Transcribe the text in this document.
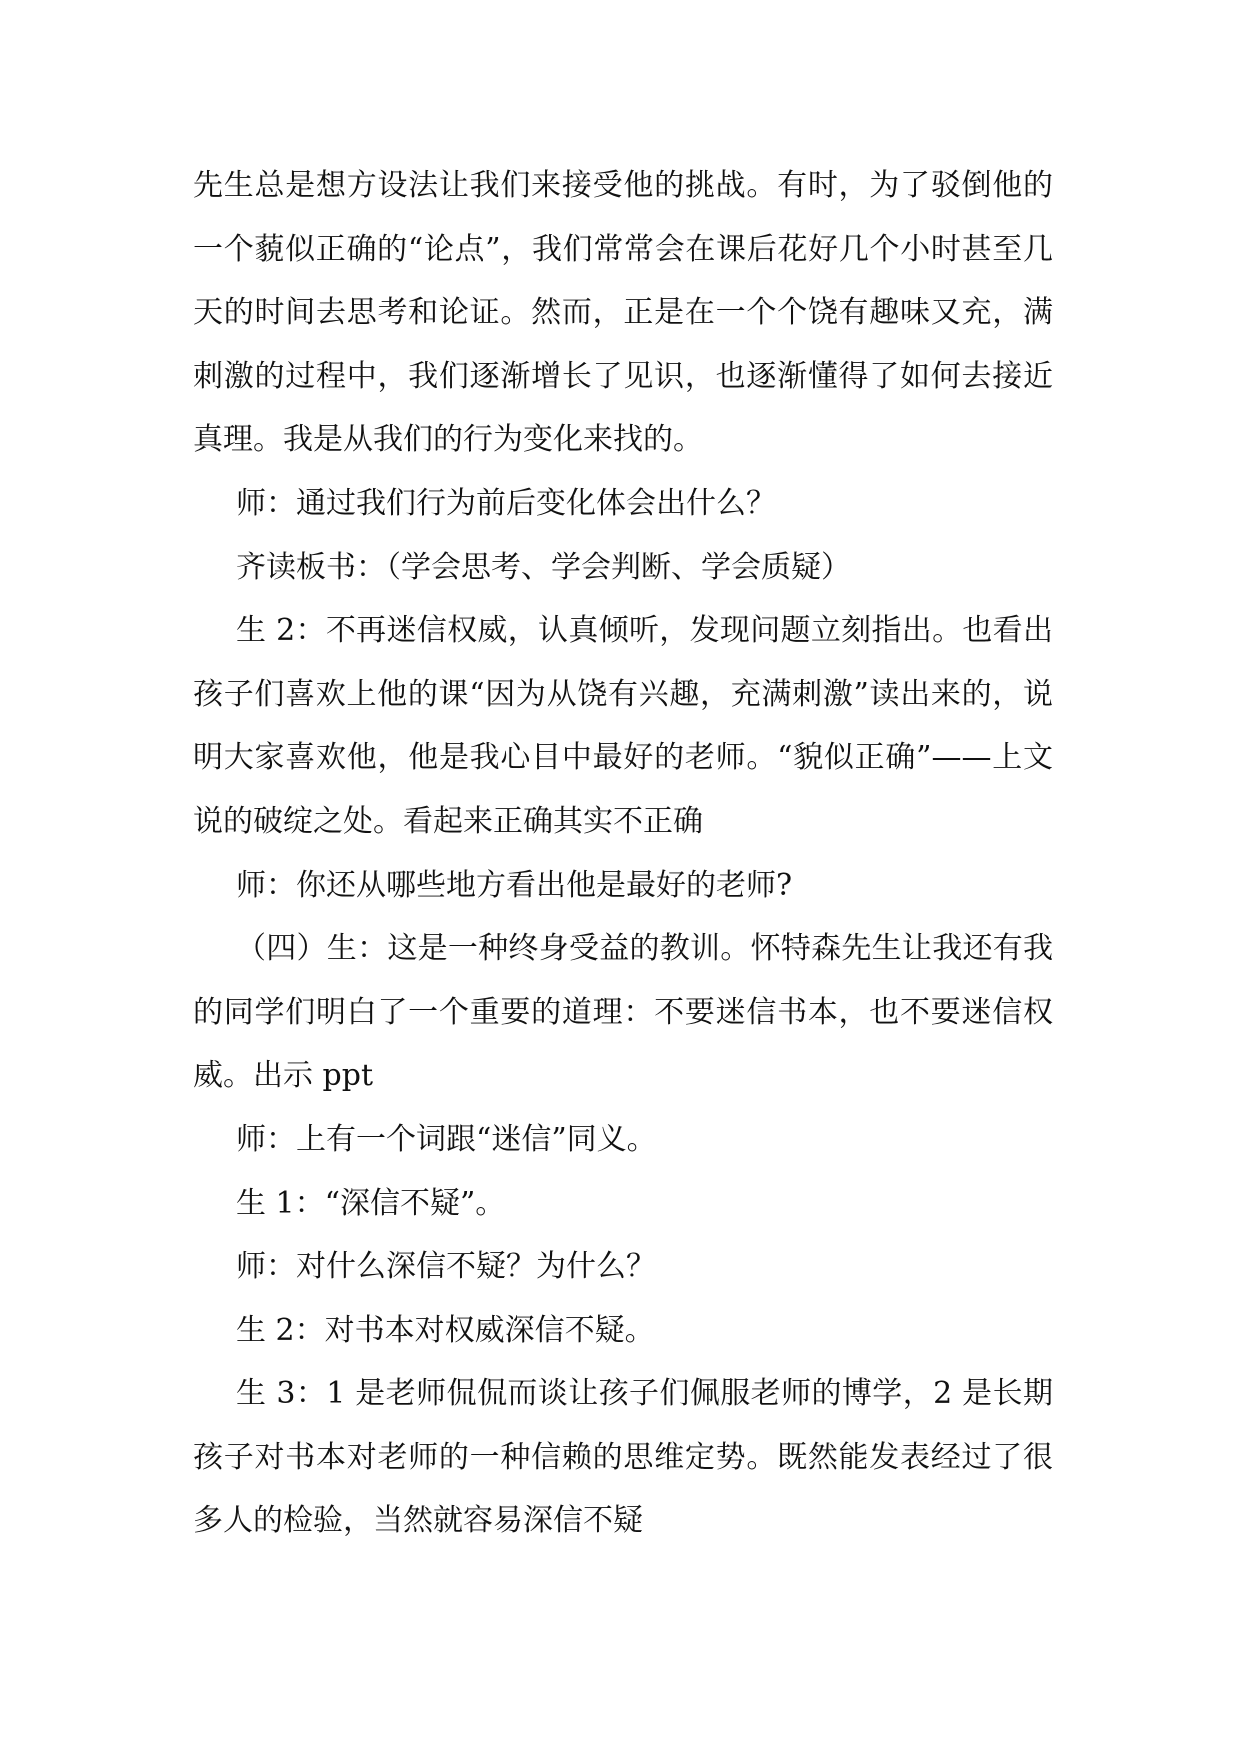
先生总是想方设法让我们来接受他的挑战。有时，为了驳倒他的一个藐似正确的“论点”，我们常常会在课后花好几个小时甚至几天的时间去思考和论证。然而，正是在一个个饶有趣味又充，满刺激的过程中，我们逐渐增长了见识，也逐渐懂得了如何去接近真理。我是从我们的行为变化来找的。

师：通过我们行为前后变化体会出什么？

齐读板书：（学会思考、学会判断、学会质疑）

生 2：不再迷信权威，认真倾听，发现问题立刻指出。也看出孩子们喜欢上他的课“因为从饶有兴趣，充满刺激”读出来的，说明大家喜欢他，他是我心目中最好的老师。“貌似正确”——上文说的破绽之处。看起来正确其实不正确

师：你还从哪些地方看出他是最好的老师?

（四）生：这是一种终身受益的教训。怀特森先生让我还有我的同学们明白了一个重要的道理：不要迷信书本，也不要迷信权威。出示 ppt

师：上有一个词跟“迷信”同义。

生 1：“深信不疑”。

师：对什么深信不疑？为什么？

生 2：对书本对权威深信不疑。

生 3：1 是老师侃侃而谈让孩子们佩服老师的博学，2 是长期孩子对书本对老师的一种信赖的思维定势。既然能发表经过了很多人的检验，当然就容易深信不疑
